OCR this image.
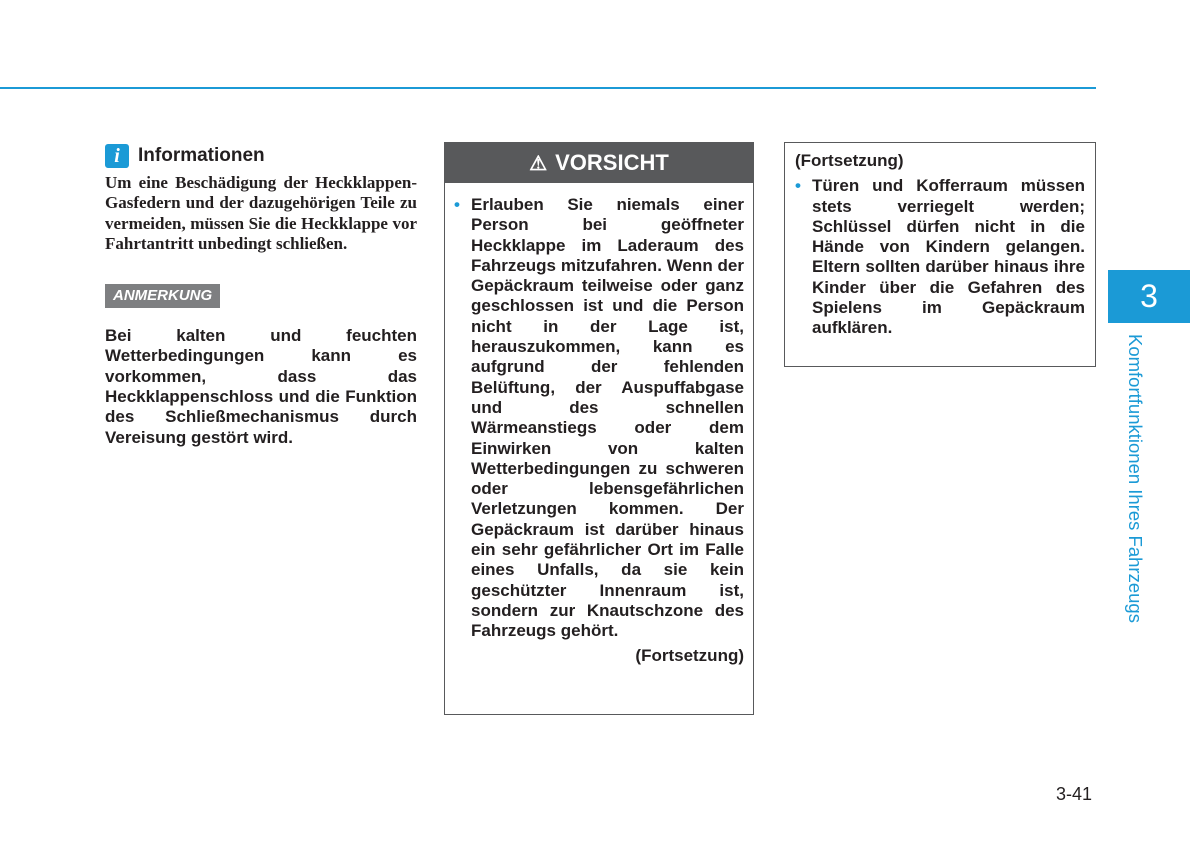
i Informationen
Um eine Beschädigung der Heckklappen-Gasfedern und der dazugehörigen Teile zu vermeiden, müssen Sie die Heckklappe vor Fahrtantritt unbedingt schließen.
ANMERKUNG
Bei kalten und feuchten Wetterbedingungen kann es vorkommen, dass das Heckklappenschloss und die Funktion des Schließmechanismus durch Vereisung gestört wird.
⚠ VORSICHT
• Erlauben Sie niemals einer Person bei geöffneter Heckklappe im Laderaum des Fahrzeugs mitzufahren. Wenn der Gepäckraum teilweise oder ganz geschlossen ist und die Person nicht in der Lage ist, herauszukommen, kann es aufgrund der fehlenden Belüftung, der Auspuffabgase und des schnellen Wärmeanstiegs oder dem Einwirken von kalten Wetterbedingungen zu schweren oder lebensgefährlichen Verletzungen kommen. Der Gepäckraum ist darüber hinaus ein sehr gefährlicher Ort im Falle eines Unfalls, da sie kein geschützter Innenraum ist, sondern zur Knautschzone des Fahrzeugs gehört.
(Fortsetzung)
(Fortsetzung)
• Türen und Kofferraum müssen stets verriegelt werden; Schlüssel dürfen nicht in die Hände von Kindern gelangen. Eltern sollten darüber hinaus ihre Kinder über die Gefahren des Spielens im Gepäckraum aufklären.
3
Komfortfunktionen Ihres Fahrzeugs
3-41
